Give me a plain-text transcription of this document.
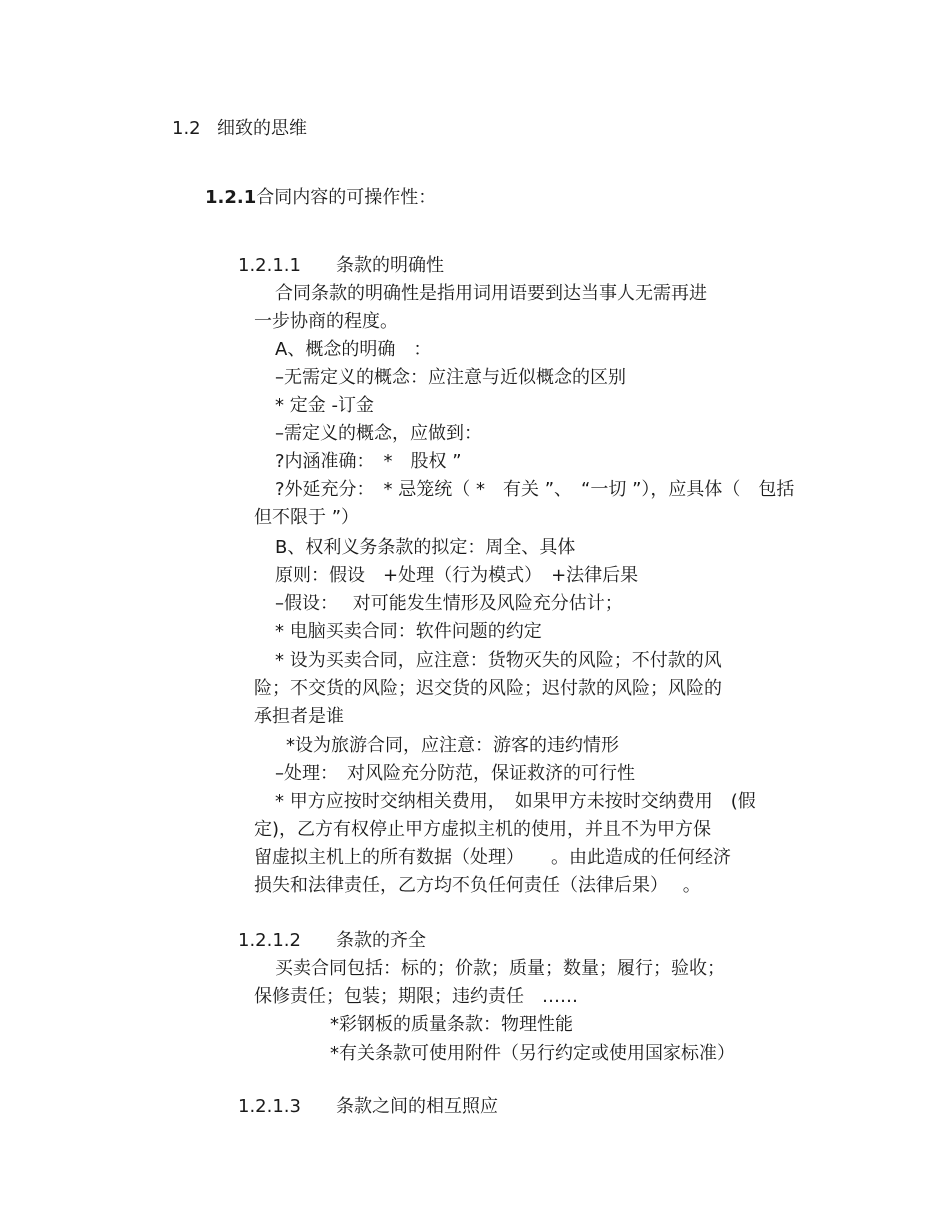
1.2 细致的思维
1.2.1合同内容的可操作性：
1.2.1.1 条款的明确性
合同条款的明确性是指用词用语要到达当事人无需再进
一步协商的程度。
A、概念的明确　：
–无需定义的概念：应注意与近似概念的区别
* 定金 -订金
–需定义的概念，应做到：
?内涵准确：　*　股权 ”
?外延充分：　* 忌笼统（ *　有关 ”、　“一切 ”），应具体（　包括
但不限于 ”）
B、权利义务条款的拟定：周全、具体
原则：假设　+处理（行为模式）　+法律后果
–假设：　 对可能发生情形及风险充分估计；
* 电脑买卖合同：软件问题的约定
* 设为买卖合同，应注意：货物灭失的风险；不付款的风
险；不交货的风险；迟交货的风险；迟付款的风险；风险的
承担者是谁
*设为旅游合同，应注意：游客的违约情形
–处理：　对风险充分防范，保证救济的可行性
* 甲方应按时交纳相关费用，　如果甲方未按时交纳费用　(假
定)，乙方有权停止甲方虚拟主机的使用，并且不为甲方保
留虚拟主机上的所有数据（处理）　　。由此造成的任何经济
损失和法律责任，乙方均不负任何责任（法律后果）　 。
1.2.1.2 条款的齐全
买卖合同包括：标的；价款；质量；数量；履行；验收；
保修责任；包装；期限；违约责任　……
*彩钢板的质量条款：物理性能
*有关条款可使用附件（另行约定或使用国家标准）
1.2.1.3 条款之间的相互照应
